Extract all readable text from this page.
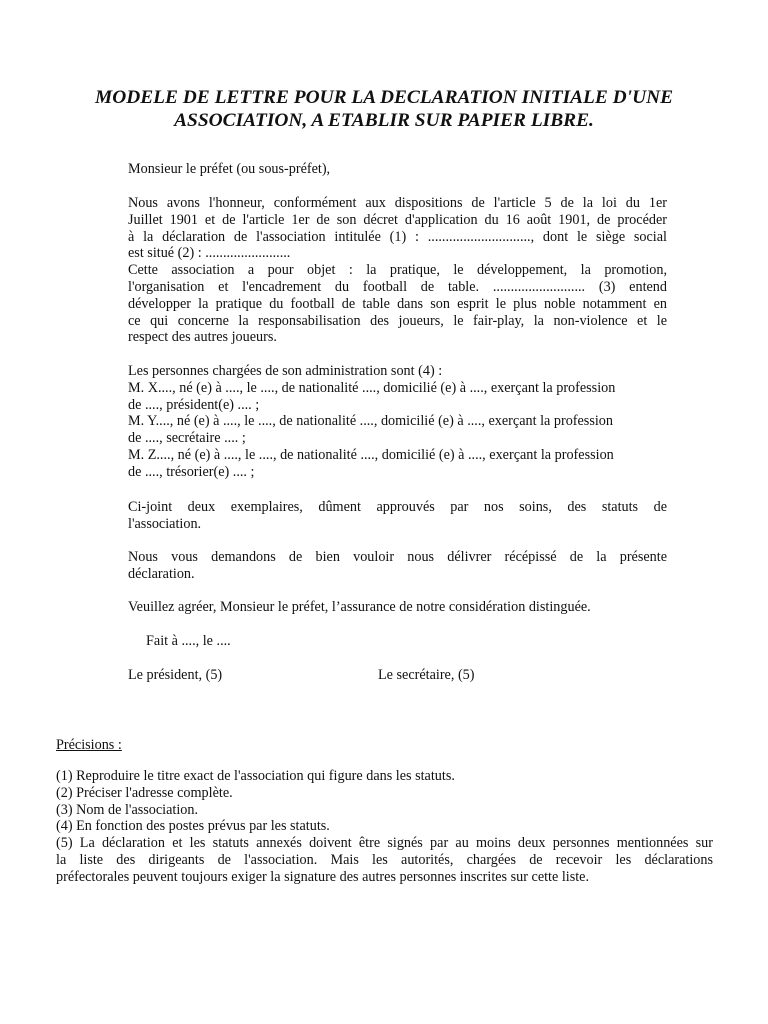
MODELE DE LETTRE POUR LA DECLARATION INITIALE D'UNE
ASSOCIATION, A ETABLIR SUR PAPIER LIBRE.

Monsieur le préfet (ou sous-préfet),

Nous avons l'honneur, conformément aux dispositions de l'article 5 de la loi du 1er
Juillet 1901 et de l'article 1er de son décret d'application du 16 août 1901, de procéder
à la déclaration de l'association intitulée (1) : ............................., dont le siège social
est situé (2) : ........................
Cette association a pour objet : la pratique, le développement, la promotion,
l'organisation et l'encadrement du football de table. .......................... (3) entend
développer la pratique du football de table dans son esprit le plus noble notamment en
ce qui concerne la responsabilisation des joueurs, le fair-play, la non-violence et le
respect des autres joueurs.
Les personnes chargées de son administration sont (4) :
M. X...., né (e) à ...., le ...., de nationalité ...., domicilié (e) à ...., exerçant la profession
de ...., président(e) .... ;
M. Y...., né (e) à ...., le ...., de nationalité ...., domicilié (e) à ...., exerçant la profession
de ...., secrétaire .... ;
M. Z...., né (e) à ...., le ...., de nationalité ...., domicilié (e) à ...., exerçant la profession
de ...., trésorier(e) .... ;
Ci-joint deux exemplaires, dûment approuvés par nos soins, des statuts de
l'association.
Nous vous demandons de bien vouloir nous délivrer récépissé de la présente
déclaration.
Veuillez agréer, Monsieur le préfet, l’assurance de notre considération distinguée.
Fait à ...., le ....
Le président, (5)	Le secrétaire, (5)
Précisions :
(1) Reproduire le titre exact de l'association qui figure dans les statuts.
(2) Préciser l'adresse complète.
(3) Nom de l'association.
(4) En fonction des postes prévus par les statuts.
(5) La déclaration et les statuts annexés doivent être signés par au moins deux personnes mentionnées sur
la liste des dirigeants de l'association. Mais les autorités, chargées de recevoir les déclarations
préfectorales peuvent toujours exiger la signature des autres personnes inscrites sur cette liste.
